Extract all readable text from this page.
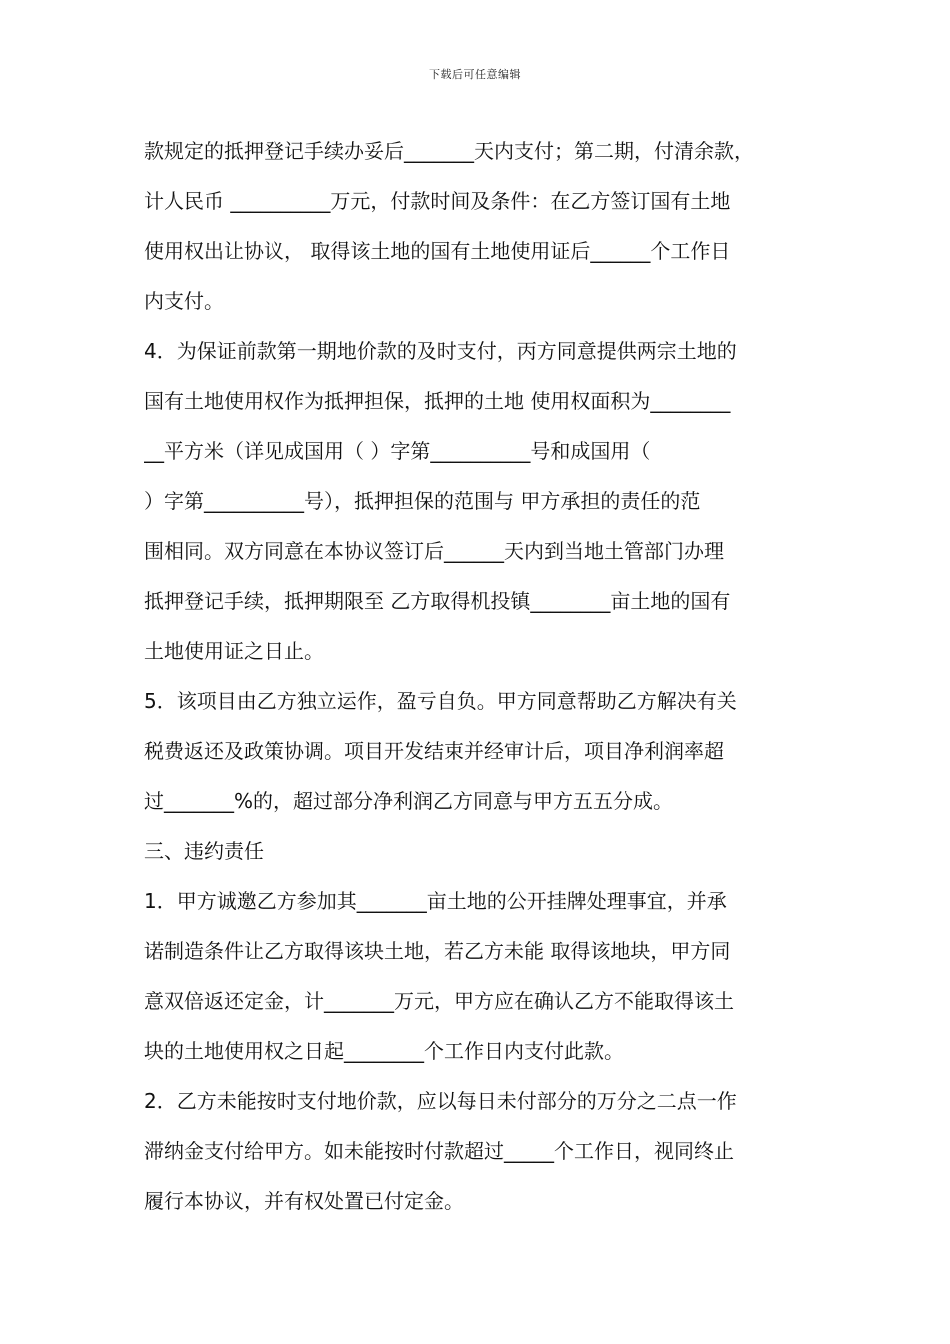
下载后可任意编辑
款规定的抵押登记手续办妥后_______天内支付；第二期，付清余款，
计人民币 __________万元，付款时间及条件：在乙方签订国有土地
使用权出让协议， 取得该土地的国有土地使用证后______个工作日
内支付。
4．为保证前款第一期地价款的及时支付，丙方同意提供两宗土地的
国有土地使用权作为抵押担保，抵押的土地 使用权面积为________
__平方米（详见成国用（ ）字第__________号和成国用（
）字第__________号），抵押担保的范围与 甲方承担的责任的范
围相同。双方同意在本协议签订后______天内到当地土管部门办理
抵押登记手续，抵押期限至 乙方取得机投镇________亩土地的国有
土地使用证之日止。
5．该项目由乙方独立运作，盈亏自负。甲方同意帮助乙方解决有关
税费返还及政策协调。项目开发结束并经审计后，项目净利润率超
过_______%的，超过部分净利润乙方同意与甲方五五分成。
三、违约责任
1．甲方诚邀乙方参加其_______亩土地的公开挂牌处理事宜，并承
诺制造条件让乙方取得该块土地，若乙方未能 取得该地块，甲方同
意双倍返还定金，计_______万元，甲方应在确认乙方不能取得该土
块的土地使用权之日起________个工作日内支付此款。
2．乙方未能按时支付地价款，应以每日未付部分的万分之二点一作
滞纳金支付给甲方。如未能按时付款超过_____个工作日，视同终止
履行本协议，并有权处置已付定金。
